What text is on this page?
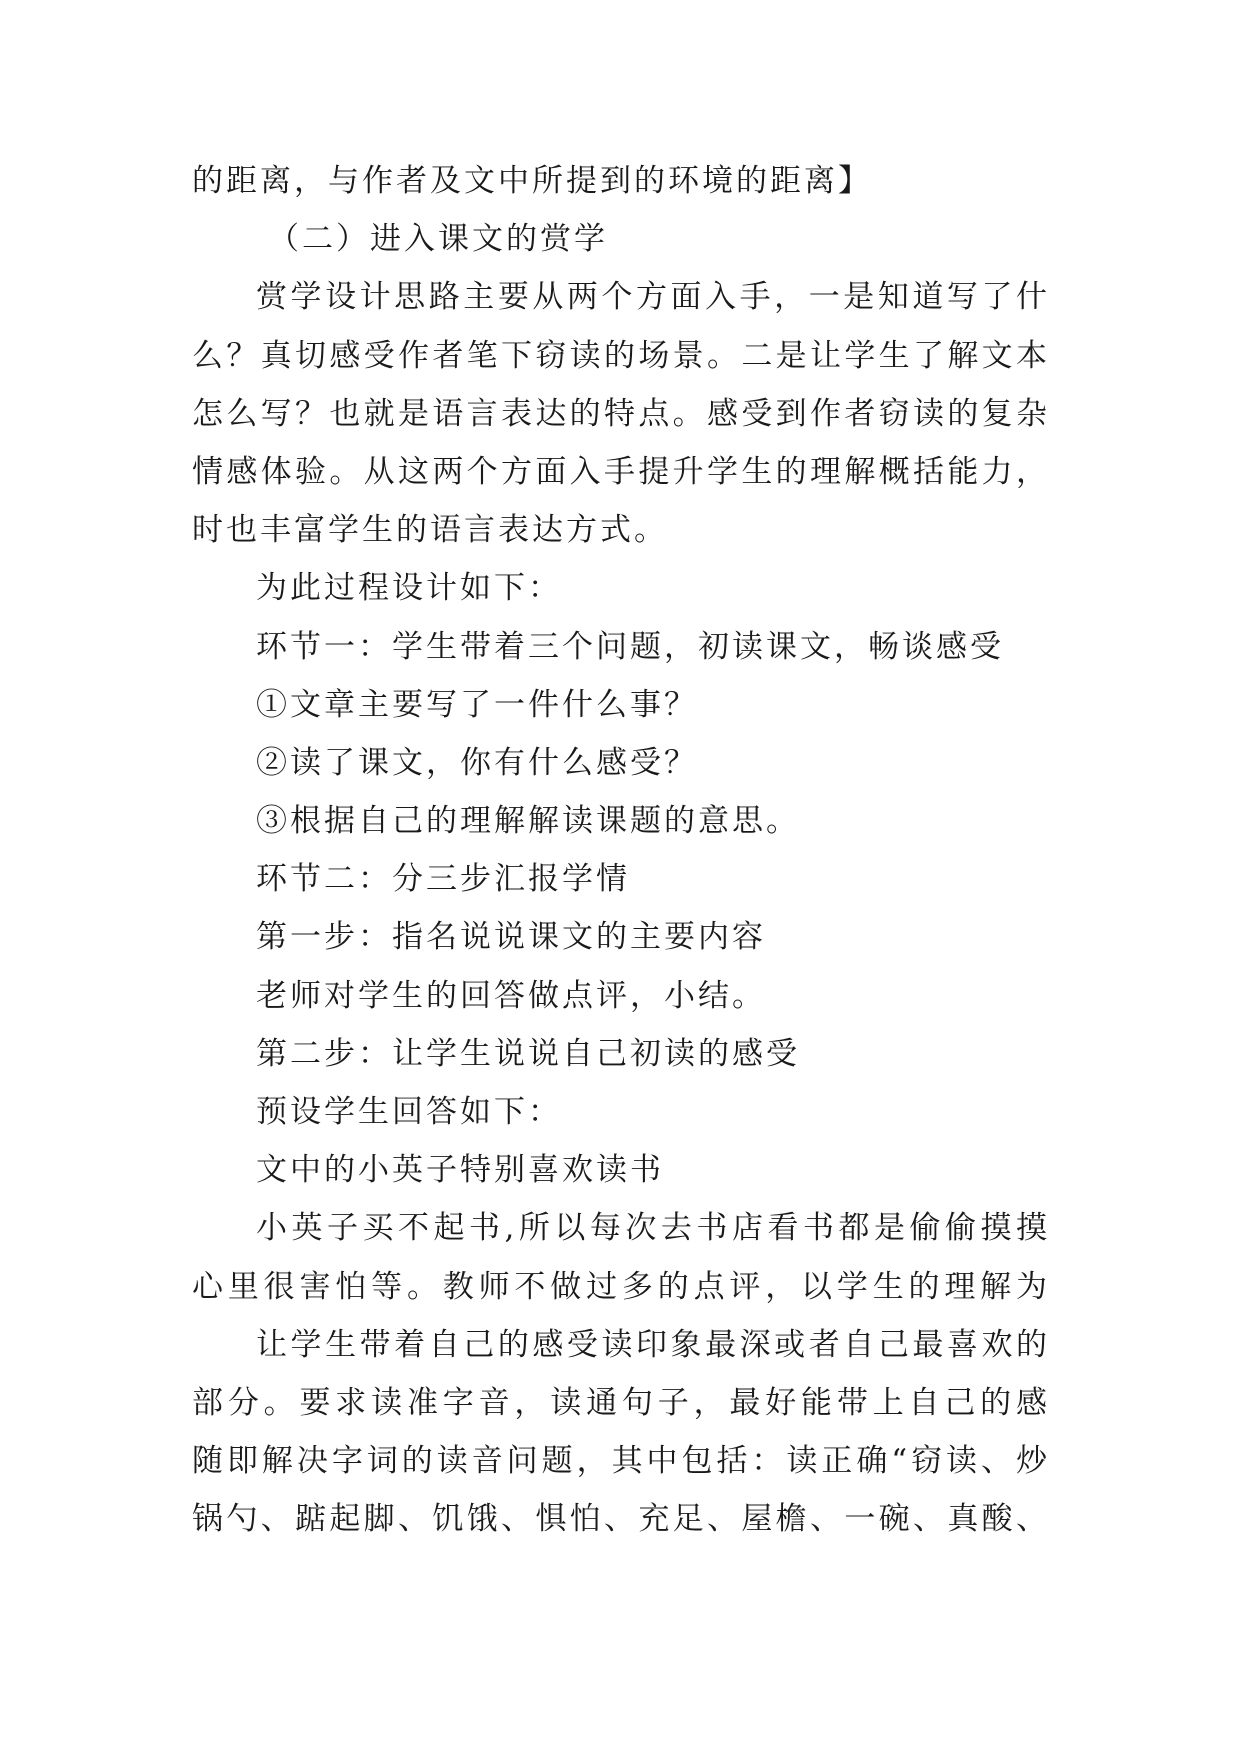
的距离，与作者及文中所提到的环境的距离】
（二）进入课文的赏学
赏学设计思路主要从两个方面入手，一是知道写了什
么？真切感受作者笔下窃读的场景。二是让学生了解文本
怎么写？也就是语言表达的特点。感受到作者窃读的复杂
情感体验。从这两个方面入手提升学生的理解概括能力，
时也丰富学生的语言表达方式。
为此过程设计如下：
环节一：学生带着三个问题，初读课文，畅谈感受
①文章主要写了一件什么事？
②读了课文，你有什么感受？
③根据自己的理解解读课题的意思。
环节二：分三步汇报学情
第一步：指名说说课文的主要内容
老师对学生的回答做点评，小结。
第二步：让学生说说自己初读的感受
预设学生回答如下：
文中的小英子特别喜欢读书
小英子买不起书,所以每次去书店看书都是偷偷摸摸
心里很害怕等。教师不做过多的点评，以学生的理解为
让学生带着自己的感受读印象最深或者自己最喜欢的
部分。要求读准字音，读通句子，最好能带上自己的感
随即解决字词的读音问题，其中包括：读正确“窃读、炒
锅勺、踮起脚、饥饿、惧怕、充足、屋檐、一碗、真酸、
